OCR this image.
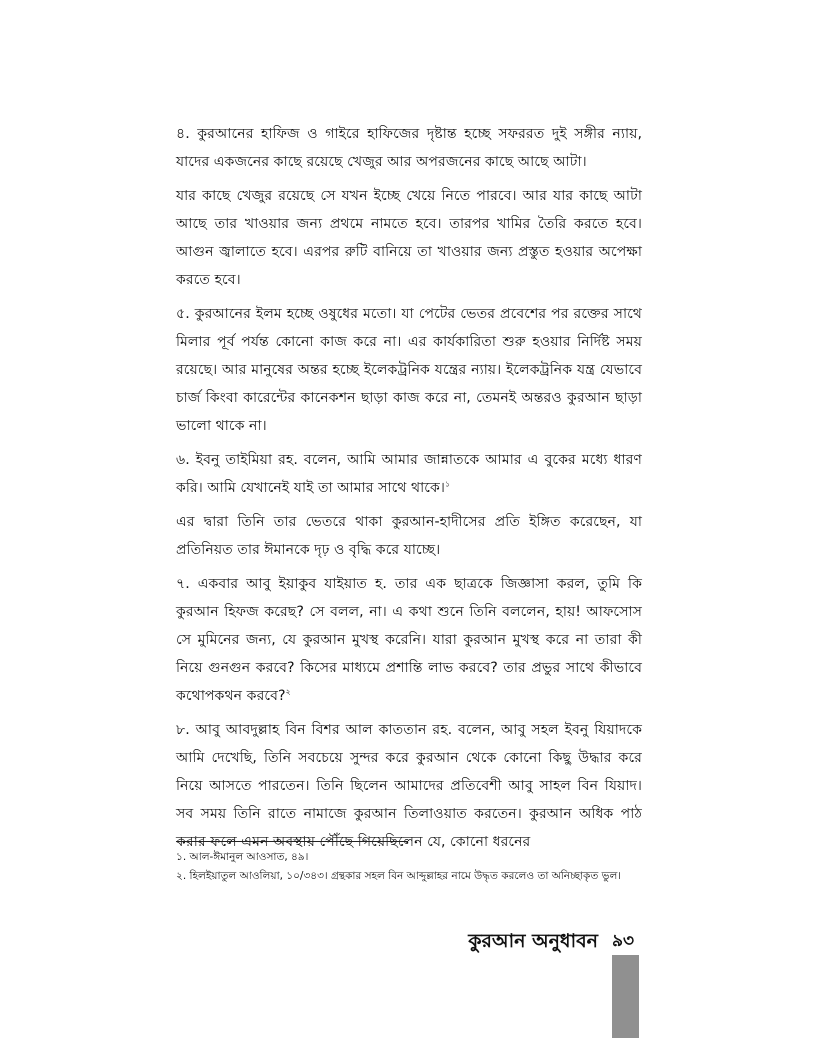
৪. কুরআনের হাফিজ ও গাইরে হাফিজের দৃষ্টান্ত হচ্ছে সফররত দুই সঙ্গীর ন্যায়, যাদের একজনের কাছে রয়েছে খেজুর আর অপরজনের কাছে আছে আটা।

যার কাছে খেজুর রয়েছে সে যখন ইচ্ছে খেয়ে নিতে পারবে। আর যার কাছে আটা আছে তার খাওয়ার জন্য প্রথমে নামতে হবে। তারপর খামির তৈরি করতে হবে। আগুন জ্বালাতে হবে। এরপর রুটি বানিয়ে তা খাওয়ার জন্য প্রস্তুত হওয়ার অপেক্ষা করতে হবে।

৫. কুরআনের ইলম হচ্ছে ওষুধের মতো। যা পেটের ভেতর প্রবেশের পর রক্তের সাথে মিলার পূর্ব পর্যন্ত কোনো কাজ করে না। এর কার্যকারিতা শুরু হওয়ার নির্দিষ্ট সময় রয়েছে। আর মানুষের অন্তর হচ্ছে ইলেকট্রনিক যন্ত্রের ন্যায়। ইলেকট্রনিক যন্ত্র যেভাবে চার্জ কিংবা কারেন্টের কানেকশন ছাড়া কাজ করে না, তেমনই অন্তরও কুরআন ছাড়া ভালো থাকে না।

৬. ইবনু তাইমিয়া রহ. বলেন, আমি আমার জান্নাতকে আমার এ বুকের মধ্যে ধারণ করি। আমি যেখানেই যাই তা আমার সাথে থাকে।$^১$

এর দ্বারা তিনি তার ভেতরে থাকা কুরআন-হাদীসের প্রতি ইঙ্গিত করেছেন, যা প্রতিনিয়ত তার ঈমানকে দৃঢ় ও বৃদ্ধি করে যাচ্ছে।

৭. একবার আবু ইয়াকুব যাইয়াত হ. তার এক ছাত্রকে জিজ্ঞাসা করল, তুমি কি কুরআন হিফজ করেছ? সে বলল, না। এ কথা শুনে তিনি বললেন, হায়! আফসোস সে মুমিনের জন্য, যে কুরআন মুখস্থ করেনি। যারা কুরআন মুখস্থ করে না তারা কী নিয়ে গুনগুন করবে? কিসের মাধ্যমে প্রশান্তি লাভ করবে? তার প্রভুর সাথে কীভাবে কথোপকথন করবে?$^২$

৮. আবু আবদুল্লাহ বিন বিশর আল কাততান রহ. বলেন, আবু সহল ইবনু যিয়াদকে আমি দেখেছি, তিনি সবচেয়ে সুন্দর করে কুরআন থেকে কোনো কিছু উদ্ধার করে নিয়ে আসতে পারতেন। তিনি ছিলেন আমাদের প্রতিবেশী আবু সাহল বিন যিয়াদ। সব সময় তিনি রাতে নামাজে কুরআন তিলাওয়াত করতেন। কুরআন অধিক পাঠ করার ফলে এমন অবস্থায় পৌঁছে গিয়েছিলেন যে, কোনো ধরনের

১. আল-ঈমানুল আওসাত, ৪৯।

২. হিলইয়াতুল আওলিয়া, ১০/৩৪৩। গ্রন্থকার সহল বিন আব্দুল্লাহর নামে উদ্ধৃত করলেও তা অনিচ্ছাকৃত ভুল।

কুরআন অনুধাবন ৯৩
